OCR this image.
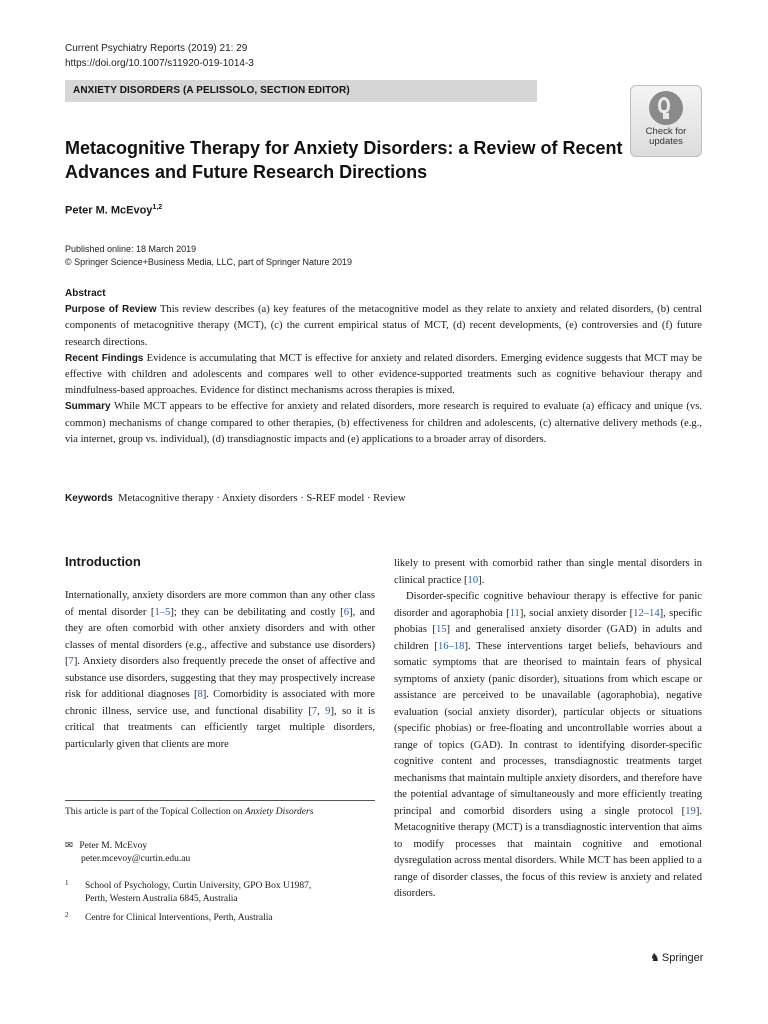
Current Psychiatry Reports (2019) 21: 29
https://doi.org/10.1007/s11920-019-1014-3
ANXIETY DISORDERS (A PELISSOLO, SECTION EDITOR)
Check for
updates
Metacognitive Therapy for Anxiety Disorders: a Review of Recent Advances and Future Research Directions
Peter M. McEvoy$^{1,2}$
Published online: 18 March 2019
© Springer Science+Business Media, LLC, part of Springer Nature 2019
Abstract

Purpose of Review This review describes (a) key features of the metacognitive model as they relate to anxiety and related disorders, (b) central components of metacognitive therapy (MCT), (c) the current empirical status of MCT, (d) recent developments, (e) controversies and (f) future research directions.

Recent Findings Evidence is accumulating that MCT is effective for anxiety and related disorders. Emerging evidence suggests that MCT may be effective with children and adolescents and compares well to other evidence-supported treatments such as cognitive behaviour therapy and mindfulness-based approaches. Evidence for distinct mechanisms across therapies is mixed.

Summary While MCT appears to be effective for anxiety and related disorders, more research is required to evaluate (a) efficacy and unique (vs. common) mechanisms of change compared to other therapies, (b) effectiveness for children and adolescents, (c) alternative delivery methods (e.g., via internet, group vs. individual), (d) transdiagnostic impacts and (e) applications to a broader array of disorders.

Keywords Metacognitive therapy · Anxiety disorders · S-REF model · Review
Introduction

Internationally, anxiety disorders are more common than any other class of mental disorder [1–5]; they can be debilitating and costly [6], and they are often comorbid with other anxiety disorders and with other classes of mental disorders (e.g., affective and substance use disorders) [7]. Anxiety disorders also frequently precede the onset of affective and substance use disorders, suggesting that they may prospectively increase risk for additional diagnoses [8]. Comorbidity is associated with more chronic illness, service use, and functional disability [7, 9], so it is critical that treatments can efficiently target multiple disorders, particularly given that clients are more

likely to present with comorbid rather than single mental disorders in clinical practice [10].

Disorder-specific cognitive behaviour therapy is effective for panic disorder and agoraphobia [11], social anxiety disorder [12–14], specific phobias [15] and generalised anxiety disorder (GAD) in adults and children [16–18]. These interventions target beliefs, behaviours and somatic symptoms that are theorised to maintain fears of physical symptoms of anxiety (panic disorder), situations from which escape or assistance are perceived to be unavailable (agoraphobia), negative evaluation (social anxiety disorder), particular objects or situations (specific phobias) or free-floating and uncontrollable worries about a range of topics (GAD). In contrast to identifying disorder-specific cognitive content and processes, transdiagnostic treatments target mechanisms that maintain multiple anxiety disorders, and therefore have the potential advantage of simultaneously and more efficiently treating principal and comorbid disorders using a single protocol [19]. Metacognitive therapy (MCT) is a transdiagnostic intervention that aims to modify processes that maintain cognitive and emotional dysregulation across mental disorders. While MCT has been applied to a range of disorder classes, the focus of this review is anxiety and related disorders.

This article is part of the Topical Collection on Anxiety Disorders
✉ Peter M. McEvoy
peter.mcevoy@curtin.edu.au
1	School of Psychology, Curtin University, GPO Box U1987,
Perth, Western Australia 6845, Australia
2	Centre for Clinical Interventions, Perth, Australia
♞ Springer
